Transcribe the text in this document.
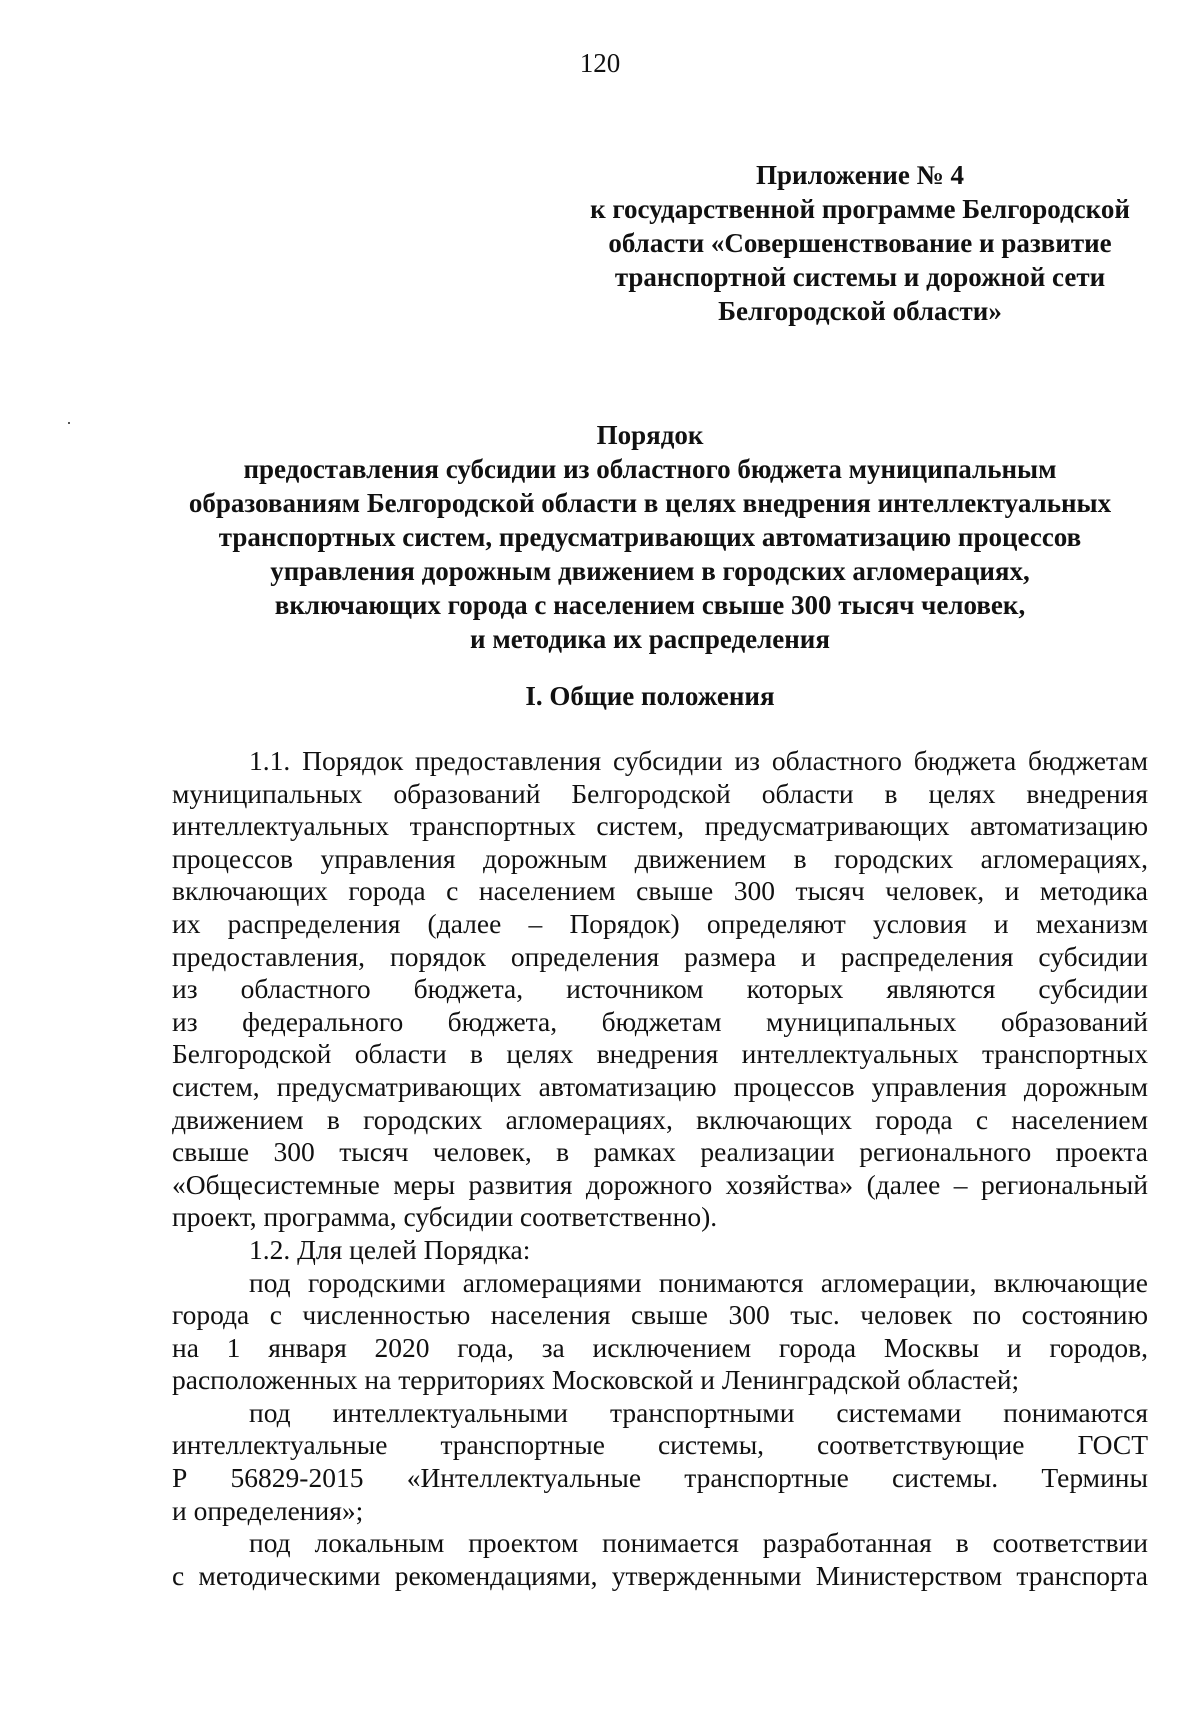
120
Приложение № 4
к государственной программе Белгородской
области «Совершенствование и развитие
транспортной системы и дорожной сети
Белгородской области»
Порядок
предоставления субсидии из областного бюджета муниципальным
образованиям Белгородской области в целях внедрения интеллектуальных
транспортных систем, предусматривающих автоматизацию процессов
управления дорожным движением в городских агломерациях,
включающих города с населением свыше 300 тысяч человек,
и методика их распределения
I. Общие положения
1.1. Порядок предоставления субсидии из областного бюджета бюджетам
муниципальных образований Белгородской области в целях внедрения
интеллектуальных транспортных систем, предусматривающих автоматизацию
процессов управления дорожным движением в городских агломерациях,
включающих города с населением свыше 300 тысяч человек, и методика
их распределения (далее – Порядок) определяют условия и механизм
предоставления, порядок определения размера и распределения субсидии
из областного бюджета, источником которых являются субсидии
из федерального бюджета, бюджетам муниципальных образований
Белгородской области в целях внедрения интеллектуальных транспортных
систем, предусматривающих автоматизацию процессов управления дорожным
движением в городских агломерациях, включающих города с населением
свыше 300 тысяч человек, в рамках реализации регионального проекта
«Общесистемные меры развития дорожного хозяйства» (далее – региональный
проект, программа, субсидии соответственно).
1.2. Для целей Порядка:
под городскими агломерациями понимаются агломерации, включающие
города с численностью населения свыше 300 тыс. человек по состоянию
на 1 января 2020 года, за исключением города Москвы и городов,
расположенных на территориях Московской и Ленинградской областей;
под интеллектуальными транспортными системами понимаются
интеллектуальные транспортные системы, соответствующие ГОСТ
Р 56829-2015 «Интеллектуальные транспортные системы. Термины
и определения»;
под локальным проектом понимается разработанная в соответствии
с методическими рекомендациями, утвержденными Министерством транспорта
